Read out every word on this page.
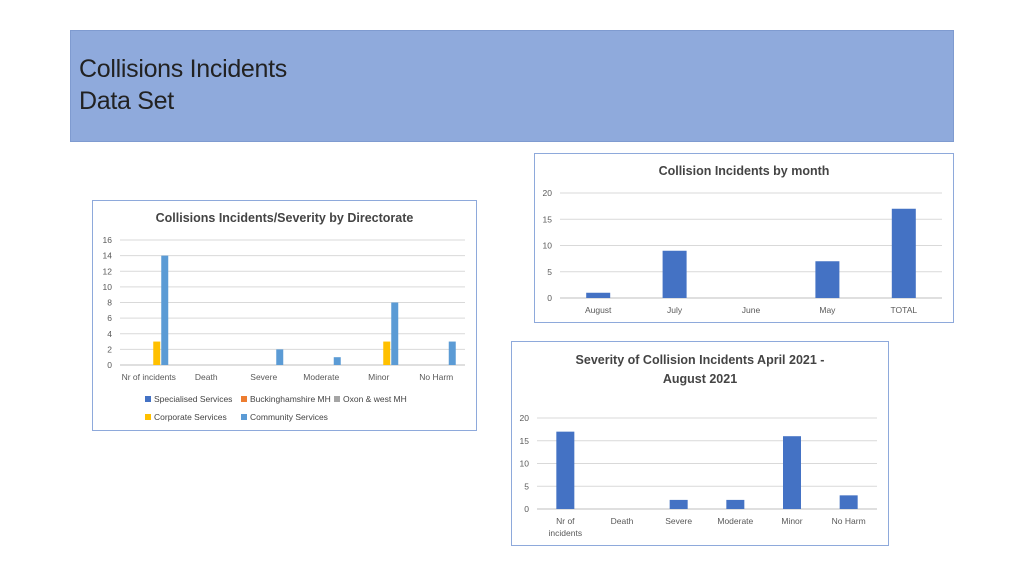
Collisions Incidents
Data Set
Collisions Incidents/Severity by Directorate
0
2
4
6
8
10
12
14
16
Nr of incidents Death	Severe	Moderate	Minor	No Harm
Specialised Services	Buckinghamshire MH	Oxon & west MH
Corporate Services	Community Services
Collision Incidents by month
0
5
10
15
20
August	July	June	May	TOTAL
Severity of Collision Incidents April 2021 -
August 2021
0
5
10
15
20
Nr of
incidents
Death	Severe	Moderate	Minor	No Harm
